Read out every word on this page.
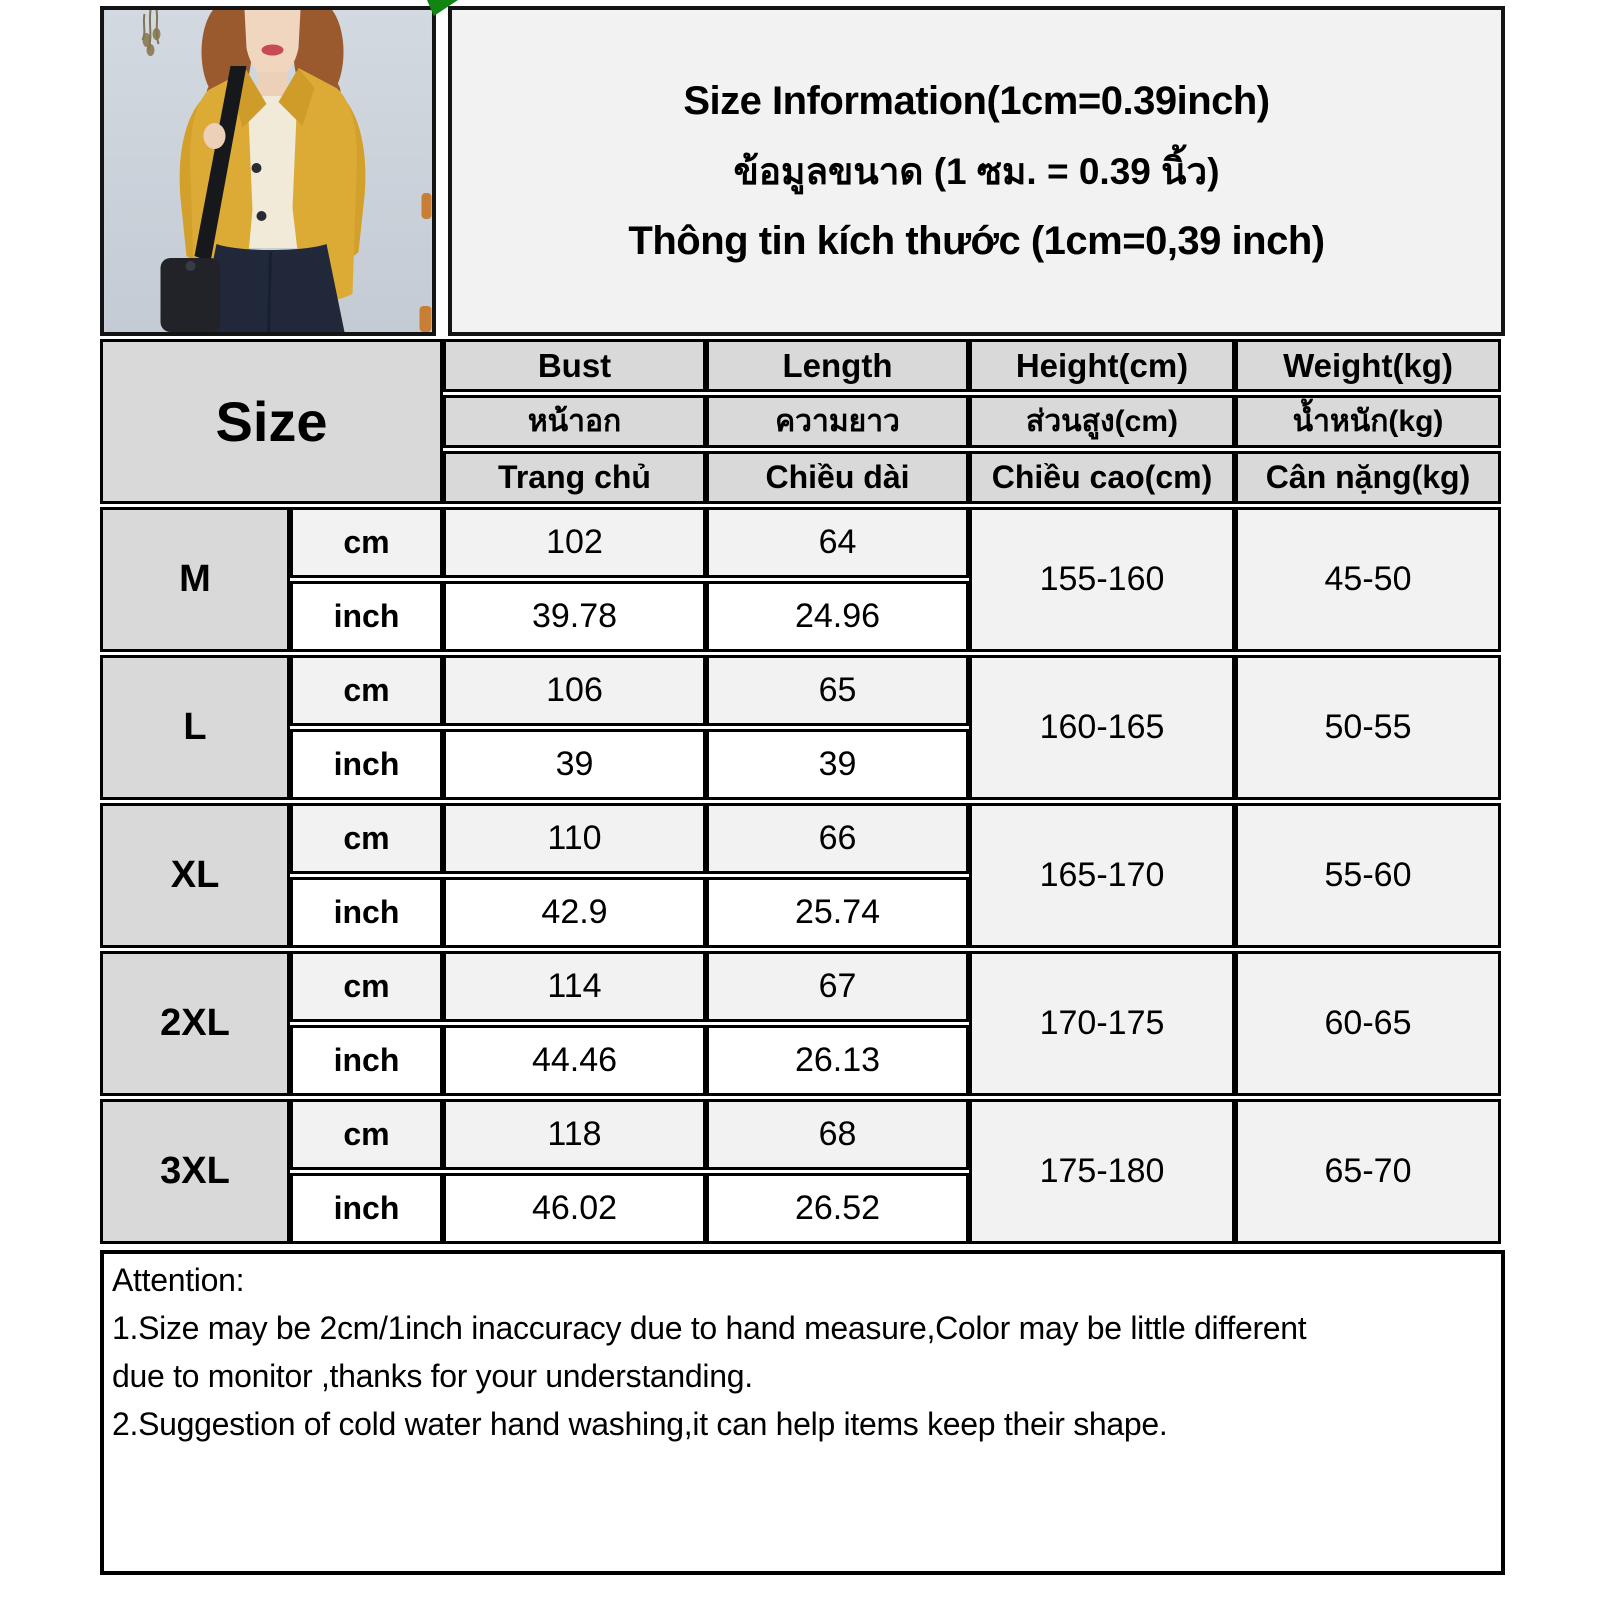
Size Information(1cm=0.39inch)
ข้อมูลขนาด (1 ซม. = 0.39 นิ้ว)
Thông tin kích thước (1cm=0,39 inch)
Size		Bust	Length	Height(cm)	Weight(kg)
		หน้าอก	ความยาว	ส่วนสูง(cm)	น้ำหนัก(kg)
		Trang chủ	Chiều dài	Chiều cao(cm)	Cân nặng(kg)
M	cm	102	64	155-160	45-50
	inch	39.78	24.96		
L	cm	106	65	160-165	50-55
	inch	39	39		
XL	cm	110	66	165-170	55-60
	inch	42.9	25.74		
2XL	cm	114	67	170-175	60-65
	inch	44.46	26.13		
3XL	cm	118	68	175-180	65-70
	inch	46.02	26.52		
Attention:
1.Size may be 2cm/1inch inaccuracy due to hand measure,Color may be little different
due to monitor ,thanks for your understanding.
2.Suggestion of cold water hand washing,it can help items keep their shape.
